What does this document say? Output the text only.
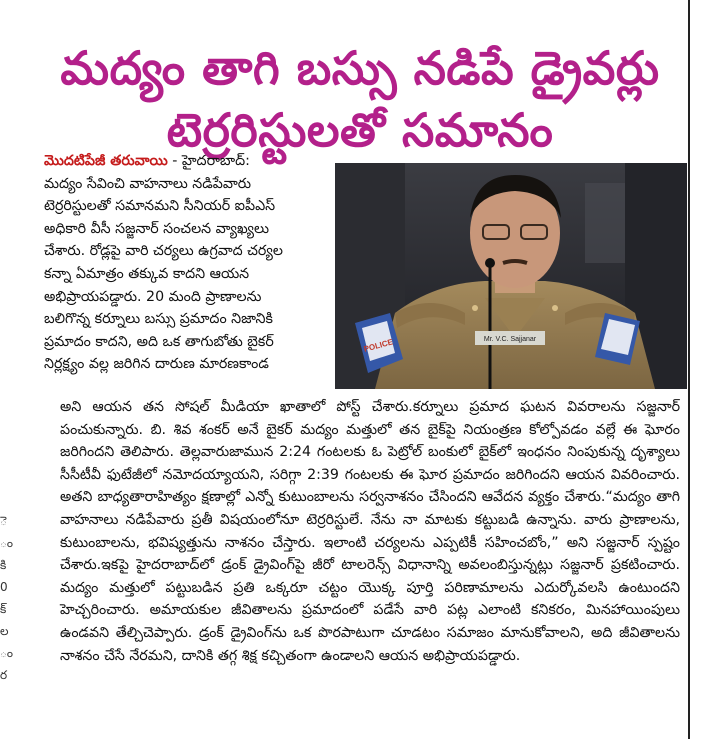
ె
ం
కి
0
క్
ల
ం
ర
మద్యం తాగి బస్సు నడిపే డ్రైవర్లు
టెర్రరిస్టులతో సమానం

మొదటిపేజీ తరువాయి - హైదరాబాద్:

మద్యం సేవించి వాహనాలు నడిపేవారు

టెర్రరిస్టులతో సమానమని సీనియర్ ఐపీఎస్

అధికారి వీసీ సజ్జనార్ సంచలన వ్యాఖ్యలు

చేశారు. రోడ్లపై వారి చర్యలు ఉగ్రవాద చర్యల

కన్నా ఏమాత్రం తక్కువ కాదని ఆయన

అభిప్రాయపడ్డారు. 20 మంది ప్రాణాలను

బలిగొన్న కర్నూలు బస్సు ప్రమాదం నిజానికి

ప్రమాదం కాదని, అది ఒక తాగుబోతు బైకర్

నిర్లక్ష్యం వల్ల జరిగిన దారుణ మారణకాండ

POLICE	Mr. V.C. Sajjanar

అని ఆయన తన సోషల్ మీడియా ఖాతాలో పోస్ట్ చేశారు.కర్నూలు ప్రమాద ఘటన వివరాలను సజ్జనార్ పంచుకున్నారు. బి. శివ శంకర్ అనే బైకర్ మద్యం మత్తులో తన బైక్‌పై నియంత్రణ కోల్పోవడం వల్లే ఈ ఘోరం జరిగిందని తెలిపారు. తెల్లవారుజామున 2:24 గంటలకు ఓ పెట్రోల్ బంకులో బైక్‌లో ఇంధనం నింపుకున్న దృశ్యాలు సీసీటీవీ ఫుటేజీలో నమోదయ్యాయని, సరిగ్గా 2:39 గంటలకు ఈ ఘోర ప్రమాదం జరిగిందని ఆయన వివరించారు. అతని బాధ్యతారాహిత్యం క్షణాల్లో ఎన్నో కుటుంబాలను సర్వనాశనం చేసిందని ఆవేదన వ్యక్తం చేశారు.“మద్యం తాగి వాహనాలు నడిపేవారు ప్రతీ విషయంలోనూ టెర్రరిస్టులే. నేను నా మాటకు కట్టుబడి ఉన్నాను. వారు ప్రాణాలను, కుటుంబాలను, భవిష్యత్తును నాశనం చేస్తారు. ఇలాంటి చర్యలను ఎప్పటికీ సహించబోం,” అని సజ్జనార్ స్పష్టం చేశారు.ఇకపై హైదరాబాద్‌లో డ్రంక్ డ్రైవింగ్‌పై జీరో టాలరెన్స్ విధానాన్ని అవలంబిస్తున్నట్లు సజ్జనార్ ప్రకటించారు. మద్యం మత్తులో పట్టుబడిన ప్రతి ఒక్కరూ చట్టం యొక్క పూర్తి పరిణామాలను ఎదుర్కోవలసి ఉంటుందని హెచ్చరించారు. అమాయకుల జీవితాలను ప్రమాదంలో పడేసే వారి పట్ల ఎలాంటి కనికరం, మినహాయింపులు ఉండవని తేల్చిచెప్పారు. డ్రంక్ డ్రైవింగ్‌ను ఒక పొరపాటుగా చూడటం సమాజం మానుకోవాలని, అది జీవితాలను నాశనం చేసే నేరమని, దానికి తగ్గ శిక్ష కచ్చితంగా ఉండాలని ఆయన అభిప్రాయపడ్డారు.
